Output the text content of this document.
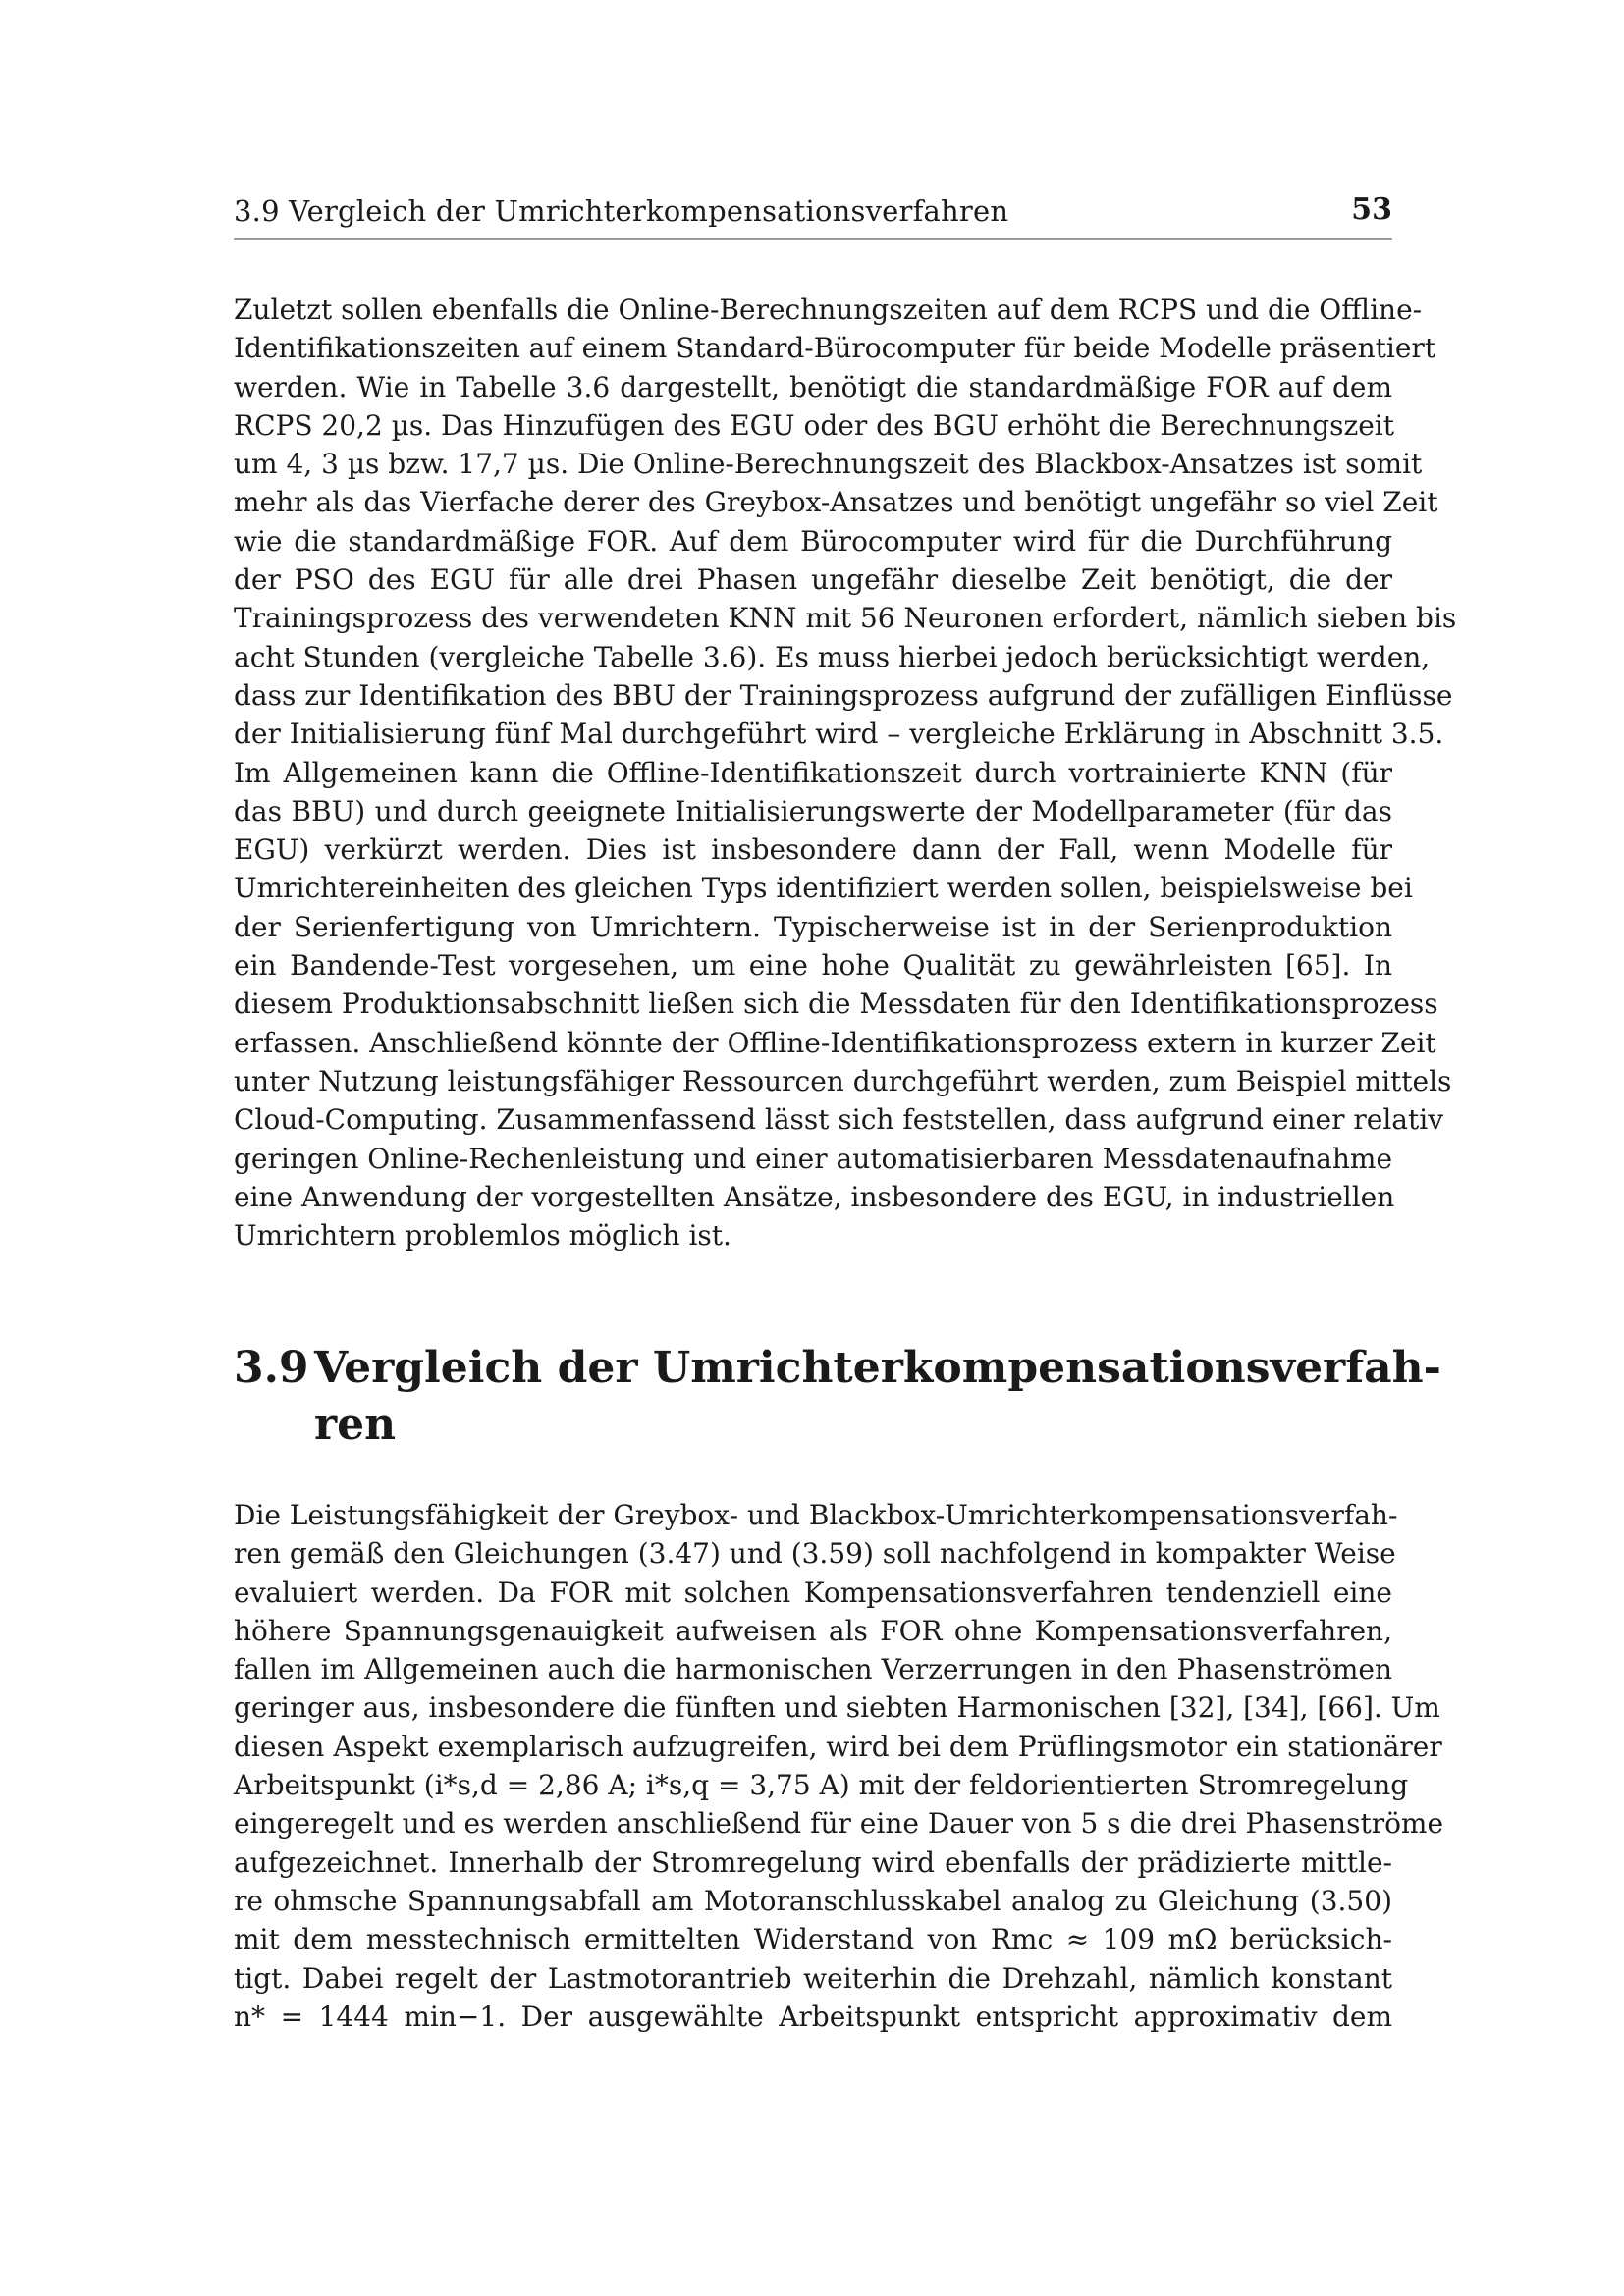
3.9 Vergleich der Umrichterkompensationsverfahren	53
Zuletzt sollen ebenfalls die Online-Berechnungszeiten auf dem RCPS und die Offline-
Identifikationszeiten auf einem Standard-Bürocomputer für beide Modelle präsentiert
werden. Wie in Tabelle 3.6 dargestellt, benötigt die standardmäßige FOR auf dem
RCPS 20,2 µs. Das Hinzufügen des EGU oder des BGU erhöht die Berechnungszeit
um 4, 3 µs bzw. 17,7 µs. Die Online-Berechnungszeit des Blackbox-Ansatzes ist somit
mehr als das Vierfache derer des Greybox-Ansatzes und benötigt ungefähr so viel Zeit
wie die standardmäßige FOR. Auf dem Bürocomputer wird für die Durchführung
der PSO des EGU für alle drei Phasen ungefähr dieselbe Zeit benötigt, die der
Trainingsprozess des verwendeten KNN mit 56 Neuronen erfordert, nämlich sieben bis
acht Stunden (vergleiche Tabelle 3.6). Es muss hierbei jedoch berücksichtigt werden,
dass zur Identifikation des BBU der Trainingsprozess aufgrund der zufälligen Einflüsse
der Initialisierung fünf Mal durchgeführt wird – vergleiche Erklärung in Abschnitt 3.5.
Im Allgemeinen kann die Offline-Identifikationszeit durch vortrainierte KNN (für
das BBU) und durch geeignete Initialisierungswerte der Modellparameter (für das
EGU) verkürzt werden. Dies ist insbesondere dann der Fall, wenn Modelle für
Umrichtereinheiten des gleichen Typs identifiziert werden sollen, beispielsweise bei
der Serienfertigung von Umrichtern. Typischerweise ist in der Serienproduktion
ein Bandende-Test vorgesehen, um eine hohe Qualität zu gewährleisten [65]. In
diesem Produktionsabschnitt ließen sich die Messdaten für den Identifikationsprozess
erfassen. Anschließend könnte der Offline-Identifikationsprozess extern in kurzer Zeit
unter Nutzung leistungsfähiger Ressourcen durchgeführt werden, zum Beispiel mittels
Cloud-Computing. Zusammenfassend lässt sich feststellen, dass aufgrund einer relativ
geringen Online-Rechenleistung und einer automatisierbaren Messdatenaufnahme
eine Anwendung der vorgestellten Ansätze, insbesondere des EGU, in industriellen
Umrichtern problemlos möglich ist.
3.9 Vergleich der Umrichterkompensationsverfah-
ren
Die Leistungsfähigkeit der Greybox- und Blackbox-Umrichterkompensationsverfah-
ren gemäß den Gleichungen (3.47) und (3.59) soll nachfolgend in kompakter Weise
evaluiert werden. Da FOR mit solchen Kompensationsverfahren tendenziell eine
höhere Spannungsgenauigkeit aufweisen als FOR ohne Kompensationsverfahren,
fallen im Allgemeinen auch die harmonischen Verzerrungen in den Phasenströmen
geringer aus, insbesondere die fünften und siebten Harmonischen [32], [34], [66]. Um
diesen Aspekt exemplarisch aufzugreifen, wird bei dem Prüflingsmotor ein stationärer
Arbeitspunkt (i*s,d = 2,86 A; i*s,q = 3,75 A) mit der feldorientierten Stromregelung
eingeregelt und es werden anschließend für eine Dauer von 5 s die drei Phasenströme
aufgezeichnet. Innerhalb der Stromregelung wird ebenfalls der prädizierte mittle-
re ohmsche Spannungsabfall am Motoranschlusskabel analog zu Gleichung (3.50)
mit dem messtechnisch ermittelten Widerstand von Rmc ≈ 109 mΩ berücksich-
tigt. Dabei regelt der Lastmotorantrieb weiterhin die Drehzahl, nämlich konstant
n* = 1444 min−1. Der ausgewählte Arbeitspunkt entspricht approximativ dem
